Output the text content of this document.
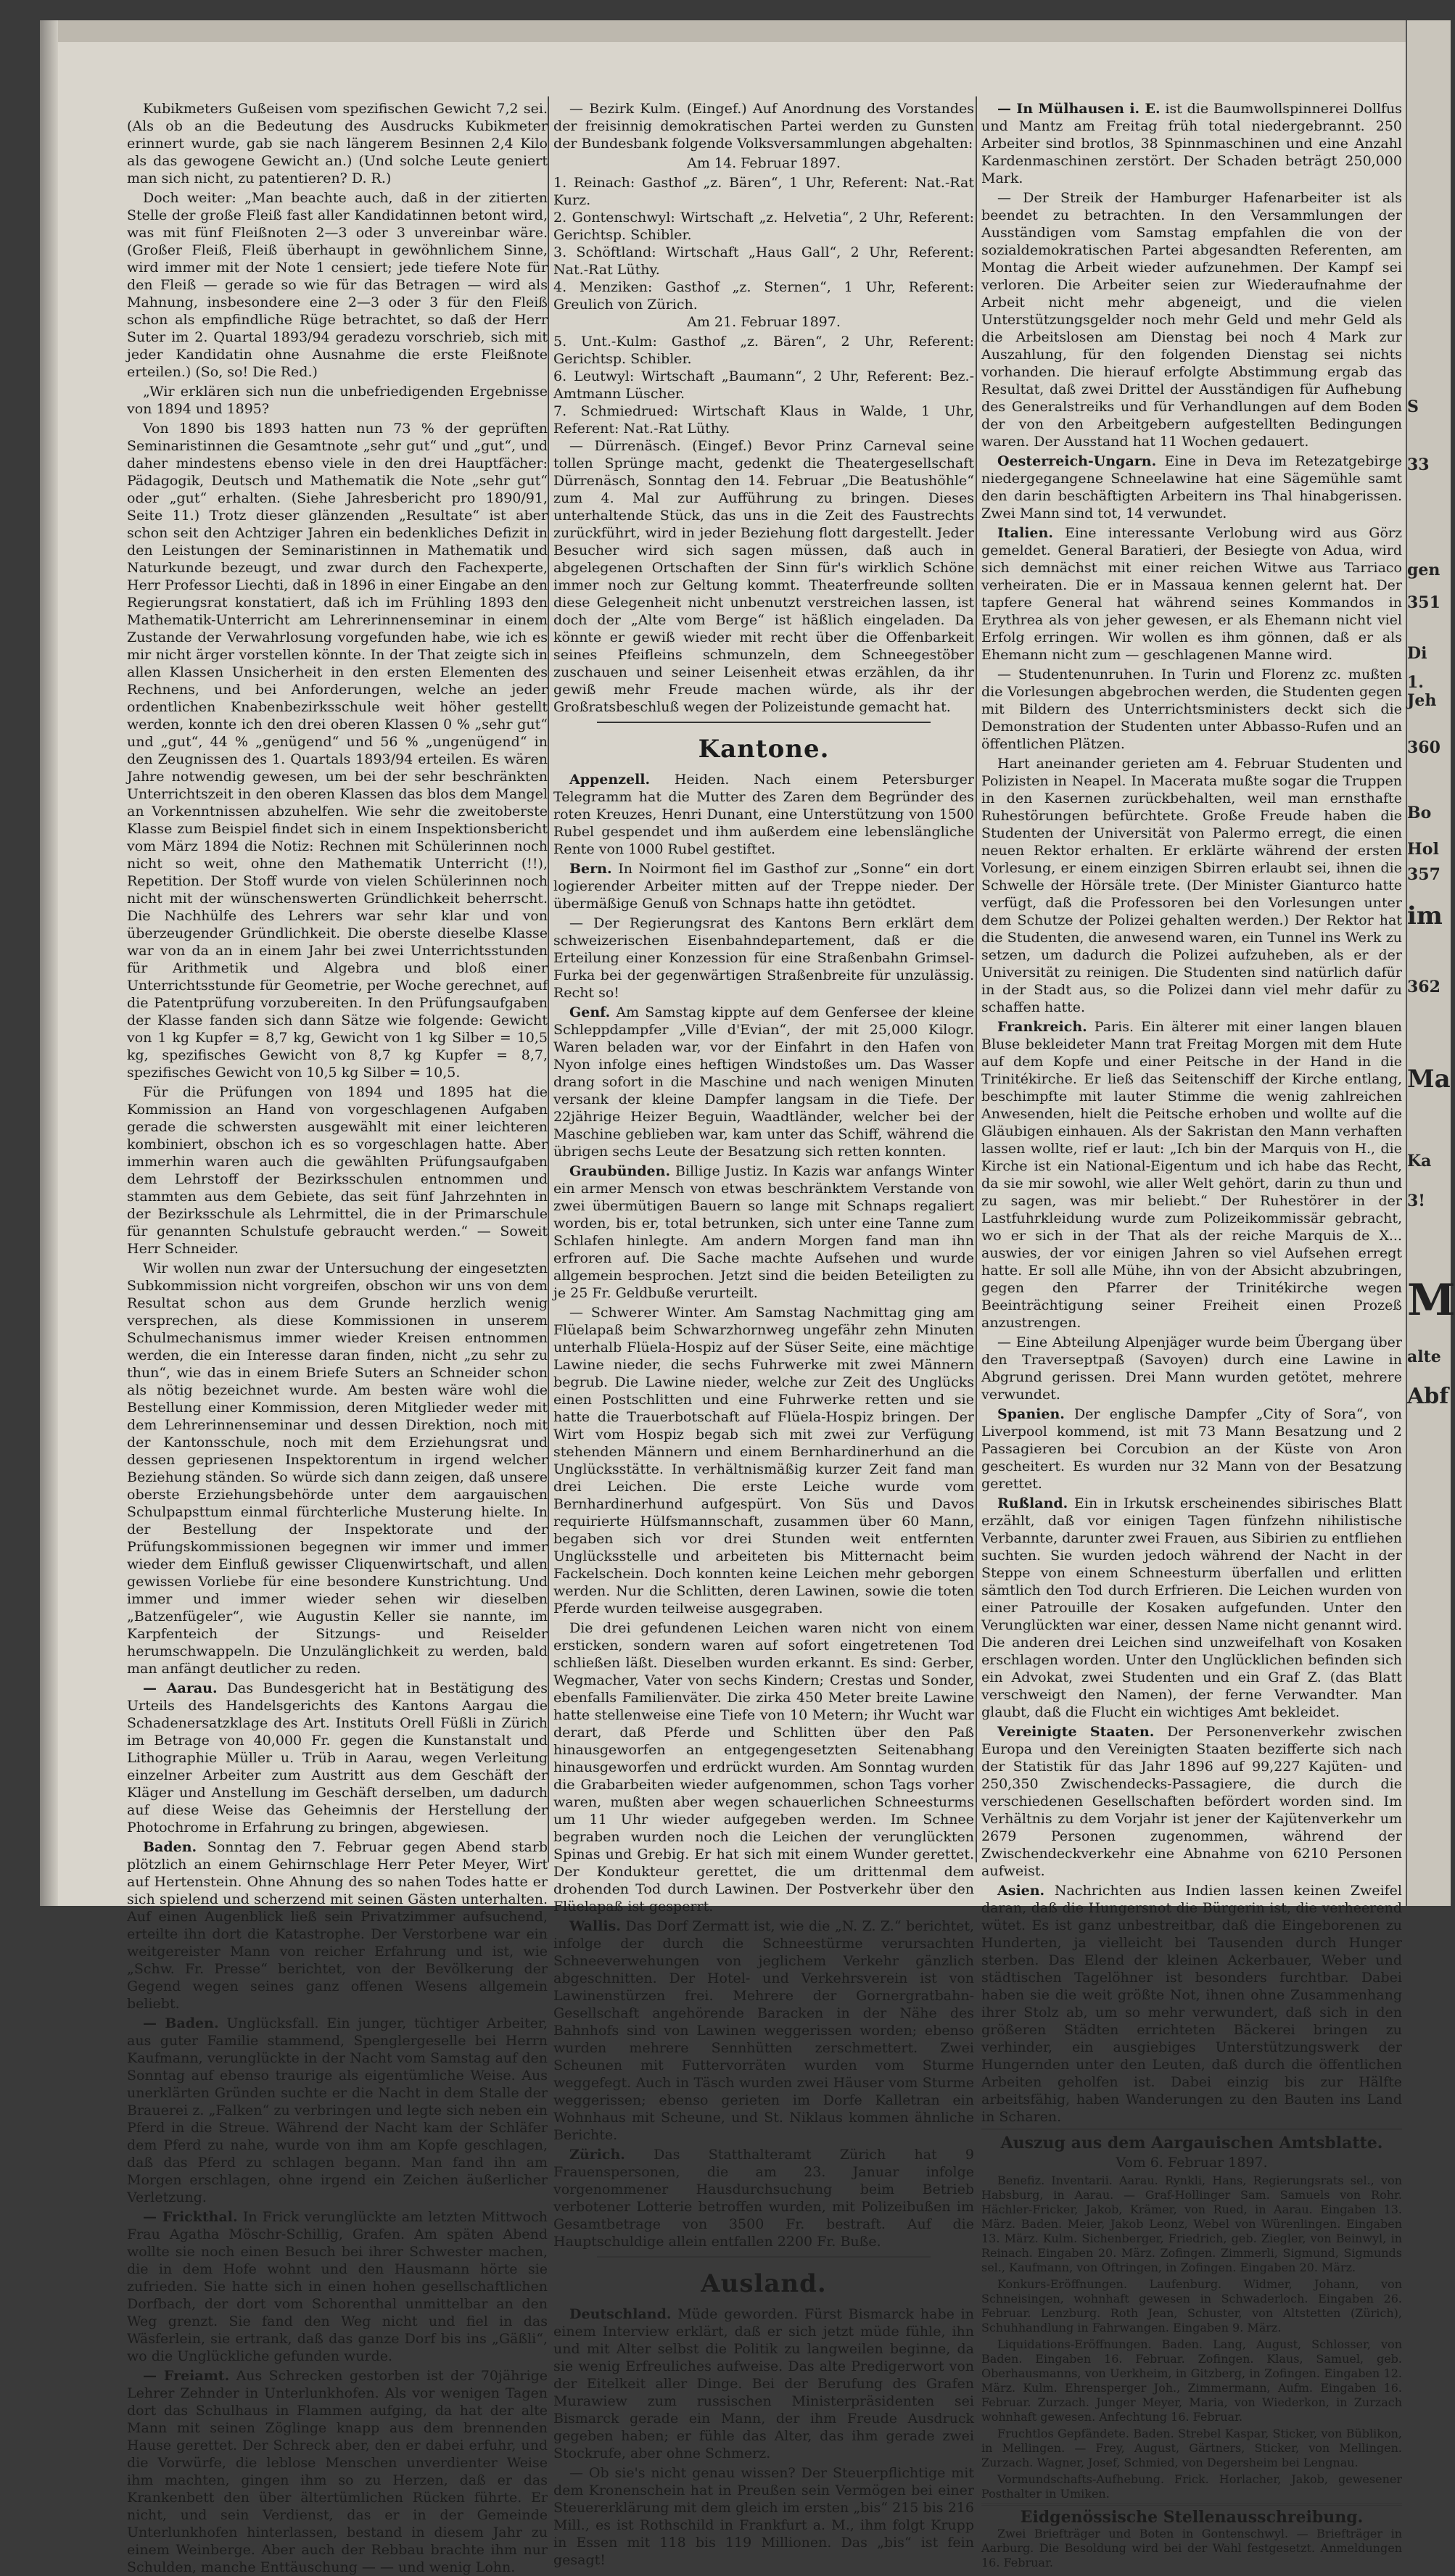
Kubikmeters Gußeisen vom spezifischen Gewicht 7,2 sei. (Als ob an die Bedeutung des Ausdrucks Kubikmeter erinnert wurde, gab sie nach längerem Besinnen 2,4 Kilo als das gewogene Gewicht an.) (Und solche Leute geniert man sich nicht, zu patentieren? D. R.)

Doch weiter: „Man beachte auch, daß in der zitierten Stelle der große Fleiß fast aller Kandidatinnen betont wird, was mit fünf Fleißnoten 2—3 oder 3 unvereinbar wäre. (Großer Fleiß, Fleiß überhaupt in gewöhnlichem Sinne, wird immer mit der Note 1 censiert; jede tiefere Note für den Fleiß — gerade so wie für das Betragen — wird als Mahnung, insbesondere eine 2—3 oder 3 für den Fleiß schon als empfindliche Rüge betrachtet, so daß der Herr Suter im 2. Quartal 1893/94 geradezu vorschrieb, sich mit jeder Kandidatin ohne Ausnahme die erste Fleißnote erteilen.) (So, so! Die Red.)

„Wir erklären sich nun die unbefriedigenden Ergebnisse von 1894 und 1895?

Von 1890 bis 1893 hatten nun 73 % der geprüften Seminaristinnen die Gesamtnote „sehr gut“ und „gut“, und daher mindestens ebenso viele in den drei Hauptfächer: Pädagogik, Deutsch und Mathematik die Note „sehr gut“ oder „gut“ erhalten. (Siehe Jahresbericht pro 1890/91, Seite 11.) Trotz dieser glänzenden „Resultate“ ist aber schon seit den Achtziger Jahren ein bedenkliches Defizit in den Leistungen der Seminaristinnen in Mathematik und Naturkunde bezeugt, und zwar durch den Fachexperte, Herr Professor Liechti, daß in 1896 in einer Eingabe an den Regierungsrat konstatiert, daß ich im Frühling 1893 den Mathematik-Unterricht am Lehrerinnenseminar in einem Zustande der Verwahrlosung vorgefunden habe, wie ich es mir nicht ärger vorstellen könnte. In der That zeigte sich in allen Klassen Unsicherheit in den ersten Elementen des Rechnens, und bei Anforderungen, welche an jeder ordentlichen Knabenbezirksschule weit höher gestellt werden, konnte ich den drei oberen Klassen 0 % „sehr gut“ und „gut“, 44 % „genügend“ und 56 % „ungenügend“ in den Zeugnissen des 1. Quartals 1893/94 erteilen. Es wären Jahre notwendig gewesen, um bei der sehr beschränkten Unterrichtszeit in den oberen Klassen das blos dem Mangel an Vorkenntnissen abzuhelfen. Wie sehr die zweitoberste Klasse zum Beispiel findet sich in einem Inspektionsbericht vom März 1894 die Notiz: Rechnen mit Schülerinnen noch nicht so weit, ohne den Mathematik Unterricht (!!), Repetition. Der Stoff wurde von vielen Schülerinnen noch nicht mit der wünschenswerten Gründlichkeit beherrscht. Die Nachhülfe des Lehrers war sehr klar und von überzeugender Gründlichkeit. Die oberste dieselbe Klasse war von da an in einem Jahr bei zwei Unterrichtsstunden für Arithmetik und Algebra und bloß einer Unterrichtsstunde für Geometrie, per Woche gerechnet, auf die Patentprüfung vorzubereiten. In den Prüfungsaufgaben der Klasse fanden sich dann Sätze wie folgende: Gewicht von 1 kg Kupfer = 8,7 kg, Gewicht von 1 kg Silber = 10,5 kg, spezifisches Gewicht von 8,7 kg Kupfer = 8,7, spezifisches Gewicht von 10,5 kg Silber = 10,5.

Für die Prüfungen von 1894 und 1895 hat die Kommission an Hand von vorgeschlagenen Aufgaben gerade die schwersten ausgewählt mit einer leichteren kombiniert, obschon ich es so vorgeschlagen hatte. Aber immerhin waren auch die gewählten Prüfungsaufgaben dem Lehrstoff der Bezirksschulen entnommen und stammten aus dem Gebiete, das seit fünf Jahrzehnten in der Bezirksschule als Lehrmittel, die in der Primarschule für genannten Schulstufe gebraucht werden.“ — Soweit Herr Schneider.

Wir wollen nun zwar der Untersuchung der eingesetzten Subkommission nicht vorgreifen, obschon wir uns von dem Resultat schon aus dem Grunde herzlich wenig versprechen, als diese Kommissionen in unserem Schulmechanismus immer wieder Kreisen entnommen werden, die ein Interesse daran finden, nicht „zu sehr zu thun“, wie das in einem Briefe Suters an Schneider schon als nötig bezeichnet wurde. Am besten wäre wohl die Bestellung einer Kommission, deren Mitglieder weder mit dem Lehrerinnenseminar und dessen Direktion, noch mit der Kantonsschule, noch mit dem Erziehungsrat und dessen gepriesenen Inspektorentum in irgend welcher Beziehung ständen. So würde sich dann zeigen, daß unsere oberste Erziehungsbehörde unter dem aargauischen Schulpapsttum einmal fürchterliche Musterung hielte. In der Bestellung der Inspektorate und der Prüfungskommissionen begegnen wir immer und immer wieder dem Einfluß gewisser Cliquenwirtschaft, und allen gewissen Vorliebe für eine besondere Kunstrichtung. Und immer und immer wieder sehen wir dieselben „Batzenfügeler“, wie Augustin Keller sie nannte, im Karpfenteich der Sitzungs- und Reiselder herumschwappeln. Die Unzulänglichkeit zu werden, bald man anfängt deutlicher zu reden.

— Aarau. Das Bundesgericht hat in Bestätigung des Urteils des Handelsgerichts des Kantons Aargau die Schadenersatzklage des Art. Instituts Orell Füßli in Zürich im Betrage von 40,000 Fr. gegen die Kunstanstalt und Lithographie Müller u. Trüb in Aarau, wegen Verleitung einzelner Arbeiter zum Austritt aus dem Geschäft der Kläger und Anstellung im Geschäft derselben, um dadurch auf diese Weise das Geheimnis der Herstellung der Photochrome in Erfahrung zu bringen, abgewiesen.

Baden. Sonntag den 7. Februar gegen Abend starb plötzlich an einem Gehirnschlage Herr Peter Meyer, Wirt auf Hertenstein. Ohne Ahnung des so nahen Todes hatte er sich spielend und scherzend mit seinen Gästen unterhalten. Auf einen Augenblick ließ sein Privatzimmer aufsuchend, erteilte ihn dort die Katastrophe. Der Verstorbene war ein weitgereister Mann von reicher Erfahrung und ist, wie „Schw. Fr. Presse“ berichtet, von der Bevölkerung der Gegend wegen seines ganz offenen Wesens allgemein beliebt.

— Baden. Unglücksfall. Ein junger, tüchtiger Arbeiter, aus guter Familie stammend, Spenglergeselle bei Herrn Kaufmann, verunglückte in der Nacht vom Samstag auf den Sonntag auf ebenso traurige als eigentümliche Weise. Aus unerklärten Gründen suchte er die Nacht in dem Stalle der Brauerei z. „Falken“ zu verbringen und legte sich neben ein Pferd in die Streue. Während der Nacht kam der Schläfer dem Pferd zu nahe, wurde von ihm am Kopfe geschlagen, daß das Pferd zu schlagen begann. Man fand ihn am Morgen erschlagen, ohne irgend ein Zeichen äußerlicher Verletzung.

— Frickthal. In Frick verunglückte am letzten Mittwoch Frau Agatha Möschr-Schillig, Grafen. Am späten Abend wollte sie noch einen Besuch bei ihrer Schwester machen, die in dem Hofe wohnt und den Hausmann hörte sie zufrieden. Sie hatte sich in einen hohen gesellschaftlichen Dorfbach, der dort vom Schorenthal unmittelbar an den Weg grenzt. Sie fand den Weg nicht und fiel in das Wäsferlein, sie ertrank, daß das ganze Dorf bis ins „Gäßli“, wo die Unglückliche gefunden wurde.

— Freiamt. Aus Schrecken gestorben ist der 70jährige Lehrer Zehnder in Unterlunkhofen. Als vor wenigen Tagen dort das Schulhaus in Flammen aufging, da hat der alte Mann mit seinen Zöglinge knapp aus dem brennenden Hause gerettet. Der Schreck aber, den er dabei erfuhr, und die Vorwürfe, die leblose Menschen unverdienter Weise ihm machten, gingen ihm so zu Herzen, daß er das Krankenbett den über ältertümlichen Rücken führte. Er nicht, und sein Verdienst, das er in der Gemeinde Unterlunkhofen hinterlassen, bestand in diesem Jahr zu einem Weinberge. Aber auch der Rebbau brachte ihm nur Schulden, manche Enttäuschung — — und wenig Lohn.

— Bezirk Kulm. (Eingef.) Auf Anordnung des Vorstandes der freisinnig demokratischen Partei werden zu Gunsten der Bundesbank folgende Volksversammlungen abgehalten:

Am 14. Februar 1897.

1. Reinach: Gasthof „z. Bären“, 1 Uhr, Referent: Nat.-Rat Kurz.
2. Gontenschwyl: Wirtschaft „z. Helvetia“, 2 Uhr, Referent: Gerichtsp. Schibler.
3. Schöftland: Wirtschaft „Haus Gall“, 2 Uhr, Referent: Nat.-Rat Lüthy.
4. Menziken: Gasthof „z. Sternen“, 1 Uhr, Referent: Greulich von Zürich.

Am 21. Februar 1897.

5. Unt.-Kulm: Gasthof „z. Bären“, 2 Uhr, Referent: Gerichtsp. Schibler.
6. Leutwyl: Wirtschaft „Baumann“, 2 Uhr, Referent: Bez.-Amtmann Lüscher.
7. Schmiedrued: Wirtschaft Klaus in Walde, 1 Uhr, Referent: Nat.-Rat Lüthy.

— Dürrenäsch. (Eingef.) Bevor Prinz Carneval seine tollen Sprünge macht, gedenkt die Theatergesellschaft Dürrenäsch, Sonntag den 14. Februar „Die Beatushöhle“ zum 4. Mal zur Aufführung zu bringen. Dieses unterhaltende Stück, das uns in die Zeit des Faustrechts zurückführt, wird in jeder Beziehung flott dargestellt. Jeder Besucher wird sich sagen müssen, daß auch in abgelegenen Ortschaften der Sinn für's wirklich Schöne immer noch zur Geltung kommt. Theaterfreunde sollten diese Gelegenheit nicht unbenutzt verstreichen lassen, ist doch der „Alte vom Berge“ ist häßlich eingeladen. Da könnte er gewiß wieder mit recht über die Offenbarkeit seines Pfeifleins schmunzeln, dem Schneegestöber zuschauen und seiner Leisenheit etwas erzählen, da ihr gewiß mehr Freude machen würde, als ihr der Großratsbeschluß wegen der Polizeistunde gemacht hat.

Kantone.

Appenzell. Heiden. Nach einem Petersburger Telegramm hat die Mutter des Zaren dem Begründer des roten Kreuzes, Henri Dunant, eine Unterstützung von 1500 Rubel gespendet und ihm außerdem eine lebenslängliche Rente von 1000 Rubel gestiftet.

Bern. In Noirmont fiel im Gasthof zur „Sonne“ ein dort logierender Arbeiter mitten auf der Treppe nieder. Der übermäßige Genuß von Schnaps hatte ihn getödtet.

— Der Regierungsrat des Kantons Bern erklärt dem schweizerischen Eisenbahndepartement, daß er die Erteilung einer Konzession für eine Straßenbahn Grimsel-Furka bei der gegenwärtigen Straßenbreite für unzulässig. Recht so!

Genf. Am Samstag kippte auf dem Genfersee der kleine Schleppdampfer „Ville d'Evian“, der mit 25,000 Kilogr. Waren beladen war, vor der Einfahrt in den Hafen von Nyon infolge eines heftigen Windstoßes um. Das Wasser drang sofort in die Maschine und nach wenigen Minuten versank der kleine Dampfer langsam in die Tiefe. Der 22jährige Heizer Beguin, Waadtländer, welcher bei der Maschine geblieben war, kam unter das Schiff, während die übrigen sechs Leute der Besatzung sich retten konnten.

Graubünden. Billige Justiz. In Kazis war anfangs Winter ein armer Mensch von etwas beschränktem Verstande von zwei übermütigen Bauern so lange mit Schnaps regaliert worden, bis er, total betrunken, sich unter eine Tanne zum Schlafen hinlegte. Am andern Morgen fand man ihn erfroren auf. Die Sache machte Aufsehen und wurde allgemein besprochen. Jetzt sind die beiden Beteiligten zu je 25 Fr. Geldbuße verurteilt.

— Schwerer Winter. Am Samstag Nachmittag ging am Flüelapaß beim Schwarzhornweg ungefähr zehn Minuten unterhalb Flüela-Hospiz auf der Süser Seite, eine mächtige Lawine nieder, die sechs Fuhrwerke mit zwei Männern begrub. Die Lawine nieder, welche zur Zeit des Unglücks einen Postschlitten und eine Fuhrwerke retten und sie hatte die Trauerbotschaft auf Flüela-Hospiz bringen. Der Wirt vom Hospiz begab sich mit zwei zur Verfügung stehenden Männern und einem Bernhardinerhund an die Unglücksstätte. In verhältnismäßig kurzer Zeit fand man drei Leichen. Die erste Leiche wurde vom Bernhardinerhund aufgespürt. Von Süs und Davos requirierte Hülfsmannschaft, zusammen über 60 Mann, begaben sich vor drei Stunden weit entfernten Unglücksstelle und arbeiteten bis Mitternacht beim Fackelschein. Doch konnten keine Leichen mehr geborgen werden. Nur die Schlitten, deren Lawinen, sowie die toten Pferde wurden teilweise ausgegraben.

Die drei gefundenen Leichen waren nicht von einem ersticken, sondern waren auf sofort eingetretenen Tod schließen läßt. Dieselben wurden erkannt. Es sind: Gerber, Wegmacher, Vater von sechs Kindern; Crestas und Sonder, ebenfalls Familienväter. Die zirka 450 Meter breite Lawine hatte stellenweise eine Tiefe von 10 Metern; ihr Wucht war derart, daß Pferde und Schlitten über den Paß hinausgeworfen an entgegengesetzten Seitenabhang hinausgeworfen und erdrückt wurden. Am Sonntag wurden die Grabarbeiten wieder aufgenommen, schon Tags vorher waren, mußten aber wegen schauerlichen Schneesturms um 11 Uhr wieder aufgegeben werden. Im Schnee begraben wurden noch die Leichen der verunglückten Spinas und Grebig. Er hat sich mit einem Wunder gerettet. Der Kondukteur gerettet, die um drittenmal dem drohenden Tod durch Lawinen. Der Postverkehr über den Flüelapaß ist gesperrt.

Wallis. Das Dorf Zermatt ist, wie die „N. Z. Z.“ berichtet, infolge der durch die Schneestürme verursachten Schneeverwehungen von jeglichem Verkehr gänzlich abgeschnitten. Der Hotel- und Verkehrsverein ist von Lawinenstürzen frei. Mehrere der Gornergratbahn-Gesellschaft angehörende Baracken in der Nähe des Bahnhofs sind von Lawinen weggerissen worden; ebenso wurden mehrere Sennhütten zerschmettert. Zwei Scheunen mit Futtervorräten wurden vom Sturme weggefegt. Auch in Täsch wurden zwei Häuser vom Sturme weggerissen; ebenso gerieten im Dorfe Kalletran ein Wohnhaus mit Scheune, und St. Niklaus kommen ähnliche Berichte.

Zürich. Das Statthalteramt Zürich hat 9 Frauenspersonen, die am 23. Januar infolge vorgenommener Hausdurchsuchung beim Betrieb verbotener Lotterie betroffen wurden, mit Polizeibußen im Gesamtbetrage von 3500 Fr. bestraft. Auf die Hauptschuldige allein entfallen 2200 Fr. Buße.

Ausland.

Deutschland. Müde geworden. Fürst Bismarck habe in einem Interview erklärt, daß er sich jetzt müde fühle, ihn und mit Alter selbst die Politik zu langweilen beginne, da sie wenig Erfreuliches aufweise. Das alte Predigerwort von der Eitelkeit aller Dinge. Bei der Berufung des Grafen Murawiew zum russischen Ministerpräsidenten sei Bismarck gerade ein Mann, der ihm Freude Ausdruck gegeben haben; er fühle das Alter, das ihm gerade zwei Stockrufe, aber ohne Schmerz.

— Ob sie's nicht genau wissen? Der Steuerpflichtige mit dem Kronenschein hat in Preußen sein Vermögen bei einer Steuererklärung mit dem gleich im ersten „bis“ 215 bis 216 Mill., es ist Rothschild in Frankfurt a. M., ihm folgt Krupp in Essen mit 118 bis 119 Millionen. Das „bis“ ist fein gesagt!

— In Mülhausen i. E. ist die Baumwollspinnerei Dollfus und Mantz am Freitag früh total niedergebrannt. 250 Arbeiter sind brotlos, 38 Spinnmaschinen und eine Anzahl Kardenmaschinen zerstört. Der Schaden beträgt 250,000 Mark.

— Der Streik der Hamburger Hafenarbeiter ist als beendet zu betrachten. In den Versammlungen der Ausständigen vom Samstag empfahlen die von der sozialdemokratischen Partei abgesandten Referenten, am Montag die Arbeit wieder aufzunehmen. Der Kampf sei verloren. Die Arbeiter seien zur Wiederaufnahme der Arbeit nicht mehr abgeneigt, und die vielen Unterstützungsgelder noch mehr Geld und mehr Geld als die Arbeitslosen am Dienstag bei noch 4 Mark zur Auszahlung, für den folgenden Dienstag sei nichts vorhanden. Die hierauf erfolgte Abstimmung ergab das Resultat, daß zwei Drittel der Ausständigen für Aufhebung des Generalstreiks und für Verhandlungen auf dem Boden der von den Arbeitgebern aufgestellten Bedingungen waren. Der Ausstand hat 11 Wochen gedauert.

Oesterreich-Ungarn. Eine in Deva im Retezatgebirge niedergegangene Schneelawine hat eine Sägemühle samt den darin beschäftigten Arbeitern ins Thal hinabgerissen. Zwei Mann sind tot, 14 verwundet.

Italien. Eine interessante Verlobung wird aus Görz gemeldet. General Baratieri, der Besiegte von Adua, wird sich demnächst mit einer reichen Witwe aus Tarriaco verheiraten. Die er in Massaua kennen gelernt hat. Der tapfere General hat während seines Kommandos in Erythrea als von jeher gewesen, er als Ehemann nicht viel Erfolg erringen. Wir wollen es ihm gönnen, daß er als Ehemann nicht zum — geschlagenen Manne wird.

— Studentenunruhen. In Turin und Florenz zc. mußten die Vorlesungen abgebrochen werden, die Studenten gegen mit Bildern des Unterrichtsministers deckt sich die Demonstration der Studenten unter Abbasso-Rufen und an öffentlichen Plätzen.

Hart aneinander gerieten am 4. Februar Studenten und Polizisten in Neapel. In Macerata mußte sogar die Truppen in den Kasernen zurückbehalten, weil man ernsthafte Ruhestörungen befürchtete. Große Freude haben die Studenten der Universität von Palermo erregt, die einen neuen Rektor erhalten. Er erklärte während der ersten Vorlesung, er einem einzigen Sbirren erlaubt sei, ihnen die Schwelle der Hörsäle trete. (Der Minister Gianturco hatte verfügt, daß die Professoren bei den Vorlesungen unter dem Schutze der Polizei gehalten werden.) Der Rektor hat die Studenten, die anwesend waren, ein Tunnel ins Werk zu setzen, um dadurch die Polizei aufzuheben, als er der Universität zu reinigen. Die Studenten sind natürlich dafür in der Stadt aus, so die Polizei dann viel mehr dafür zu schaffen hatte.

Frankreich. Paris. Ein älterer mit einer langen blauen Bluse bekleideter Mann trat Freitag Morgen mit dem Hute auf dem Kopfe und einer Peitsche in der Hand in die Trinitékirche. Er ließ das Seitenschiff der Kirche entlang, beschimpfte mit lauter Stimme die wenig zahlreichen Anwesenden, hielt die Peitsche erhoben und wollte auf die Gläubigen einhauen. Als der Sakristan den Mann verhaften lassen wollte, rief er laut: „Ich bin der Marquis von H., die Kirche ist ein National-Eigentum und ich habe das Recht, da sie mir sowohl, wie aller Welt gehört, darin zu thun und zu sagen, was mir beliebt.“ Der Ruhestörer in der Lastfuhrkleidung wurde zum Polizeikommissär gebracht, wo er sich in der That als der reiche Marquis de X... auswies, der vor einigen Jahren so viel Aufsehen erregt hatte. Er soll alle Mühe, ihn von der Absicht abzubringen, gegen den Pfarrer der Trinitékirche wegen Beeinträchtigung seiner Freiheit einen Prozeß anzustrengen.

— Eine Abteilung Alpenjäger wurde beim Übergang über den Traverseptpaß (Savoyen) durch eine Lawine in Abgrund gerissen. Drei Mann wurden getötet, mehrere verwundet.

Spanien. Der englische Dampfer „City of Sora“, von Liverpool kommend, ist mit 73 Mann Besatzung und 2 Passagieren bei Corcubion an der Küste von Aron gescheitert. Es wurden nur 32 Mann von der Besatzung gerettet.

Rußland. Ein in Irkutsk erscheinendes sibirisches Blatt erzählt, daß vor einigen Tagen fünfzehn nihilistische Verbannte, darunter zwei Frauen, aus Sibirien zu entfliehen suchten. Sie wurden jedoch während der Nacht in der Steppe von einem Schneesturm überfallen und erlitten sämtlich den Tod durch Erfrieren. Die Leichen wurden von einer Patrouille der Kosaken aufgefunden. Unter den Verunglückten war einer, dessen Name nicht genannt wird. Die anderen drei Leichen sind unzweifelhaft von Kosaken erschlagen worden. Unter den Unglücklichen befinden sich ein Advokat, zwei Studenten und ein Graf Z. (das Blatt verschweigt den Namen), der ferne Verwandter. Man glaubt, daß die Flucht ein wichtiges Amt bekleidet.

Vereinigte Staaten. Der Personenverkehr zwischen Europa und den Vereinigten Staaten bezifferte sich nach der Statistik für das Jahr 1896 auf 99,227 Kajüten- und 250,350 Zwischendecks-Passagiere, die durch die verschiedenen Gesellschaften befördert worden sind. Im Verhältnis zu dem Vorjahr ist jener der Kajütenverkehr um 2679 Personen zugenommen, während der Zwischendeckverkehr eine Abnahme von 6210 Personen aufweist.

Asien. Nachrichten aus Indien lassen keinen Zweifel daran, daß die Hungersnot die Bürgerin ist, die verheerend wütet. Es ist ganz unbestreitbar, daß die Eingeborenen zu Hunderten, ja vielleicht bei Tausenden durch Hunger sterben. Das Elend der kleinen Ackerbauer, Weber und städtischen Tagelöhner ist besonders furchtbar. Dabei haben sie die weit größte Not, ihnen ohne Zusammenhang ihrer Stolz ab, um so mehr verwundert, daß sich in den größeren Städten errichteten Bäckerei bringen zu verhinder, ein ausgiebiges Unterstützungswerk der Hungernden unter den Leuten, daß durch die öffentlichen Arbeiten geholfen ist. Dabei einzig bis zur Hälfte arbeitsfähig, haben Wanderungen zu den Bauten ins Land in Scharen.

Auszug aus dem Aargauischen Amtsblatte.

Vom 6. Februar 1897.

Benefiz. Inventarii. Aarau. Rynkli, Hans, Regierungsrats sel., von Habsburg, in Aarau. — Graf-Hollinger Sam. Samuels von Rohr. Hächler-Fricker, Jakob, Krämer, von Rued, in Aarau. Eingaben 13. März. Baden. Meier, Jakob Leonz, Webel von Würenlingen. Eingaben 13. März. Kulm. Sichenberger, Friedrich, geb. Ziegler, von Beinwyl, in Reinach. Eingaben 20. März. Zofingen. Zimmerli, Sigmund, Sigmunds sel., Kaufmann, von Oftringen, in Zofingen. Eingaben 20. März.

Konkurs-Eröffnungen. Laufenburg. Widmer, Johann, von Schneisingen, wohnhaft gewesen in Schwaderloch. Eingaben 26. Februar. Lenzburg. Roth Jean, Schuster, von Altstetten (Zürich), Schuhhandlung in Fahrwangen. Eingaben 9. März.

Liquidations-Eröffnungen. Baden. Lang, August, Schlosser, von Baden. Eingaben 16. Februar. Zofingen. Klaus, Samuel, geb. Oberhausmanns, von Uerkheim, in Gitzberg, in Zofingen. Eingaben 12. März. Kulm. Ehrensperger Joh., Zimmermann, Aufm. Eingaben 16. Februar. Zurzach. Junger Meyer, Maria, von Wiederkon, in Zurzach wohnhaft gewesen. Anfechtung 16. Februar.

Fruchtlos Gepfändete. Baden. Strebel Kaspar, Sticker, von Büblikon, in Mellingen. — Frey, August, Gärtners, Sticker, von Mellingen. Zurzach. Wagner, Josef, Schmied, von Degersheim bei Lengnau.

Vormundschafts-Aufhebung. Frick. Horlacher, Jakob, gewesener Posthalter in Umiken.

Eidgenössische Stellenausschreibung.

Zwei Briefträger und Boten in Gontenschwyl. — Briefträger in Aarburg. Die Besoldung wird bei der Wahl festgesetzt. Anmeldungen 16. Februar.

S
33
gen
351
Di
1.
Jeh
360
Bo
Hol
357
im
362
Ma
Ka
3!
M
alte
Abf
